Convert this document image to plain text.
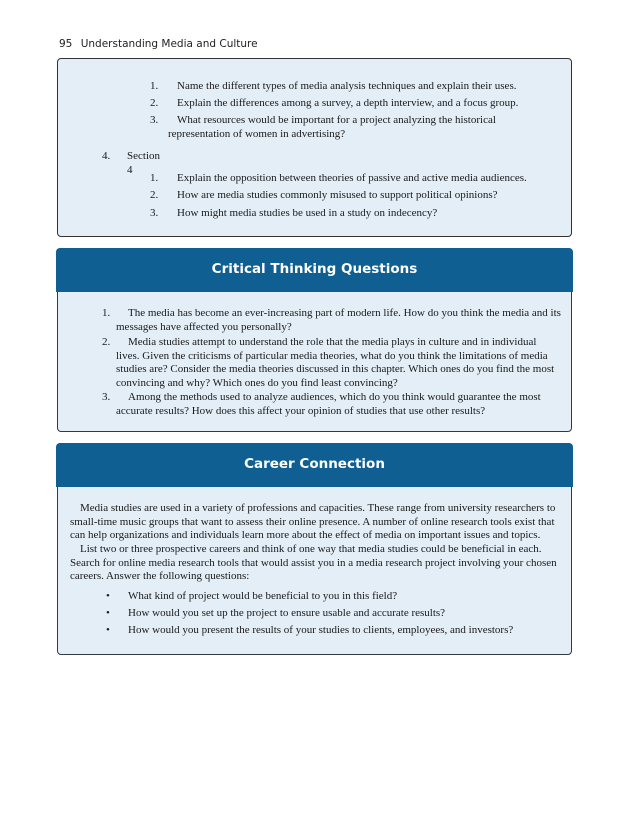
95 Understanding Media and Culture
1.	Name the different types of media analysis techniques and explain their uses.
2.	Explain the differences among a survey, a depth interview, and a focus group.
3.	What resources would be important for a project analyzing the historical representation of women in advertising?
4. Section 4
1.	Explain the opposition between theories of passive and active media audiences.
2.	How are media studies commonly misused to support political opinions?
3.	How might media studies be used in a study on indecency?
Critical Thinking Questions
1.	The media has become an ever-increasing part of modern life. How do you think the media and its messages have affected you personally?
2.	Media studies attempt to understand the role that the media plays in culture and in individual lives. Given the criticisms of particular media theories, what do you think the limitations of media studies are? Consider the media theories discussed in this chapter. Which ones do you find the most convincing and why? Which ones do you find least convincing?
3.	Among the methods used to analyze audiences, which do you think would guarantee the most accurate results? How does this affect your opinion of studies that use other results?
Career Connection
Media studies are used in a variety of professions and capacities. These range from university researchers to small-time music groups that want to assess their online presence. A number of online research tools exist that can help organizations and individuals learn more about the effect of media on important issues and topics.
List two or three prospective careers and think of one way that media studies could be beneficial in each. Search for online media research tools that would assist you in a media research project involving your chosen careers. Answer the following questions:
• What kind of project would be beneficial to you in this field?
• How would you set up the project to ensure usable and accurate results?
• How would you present the results of your studies to clients, employees, and investors?
